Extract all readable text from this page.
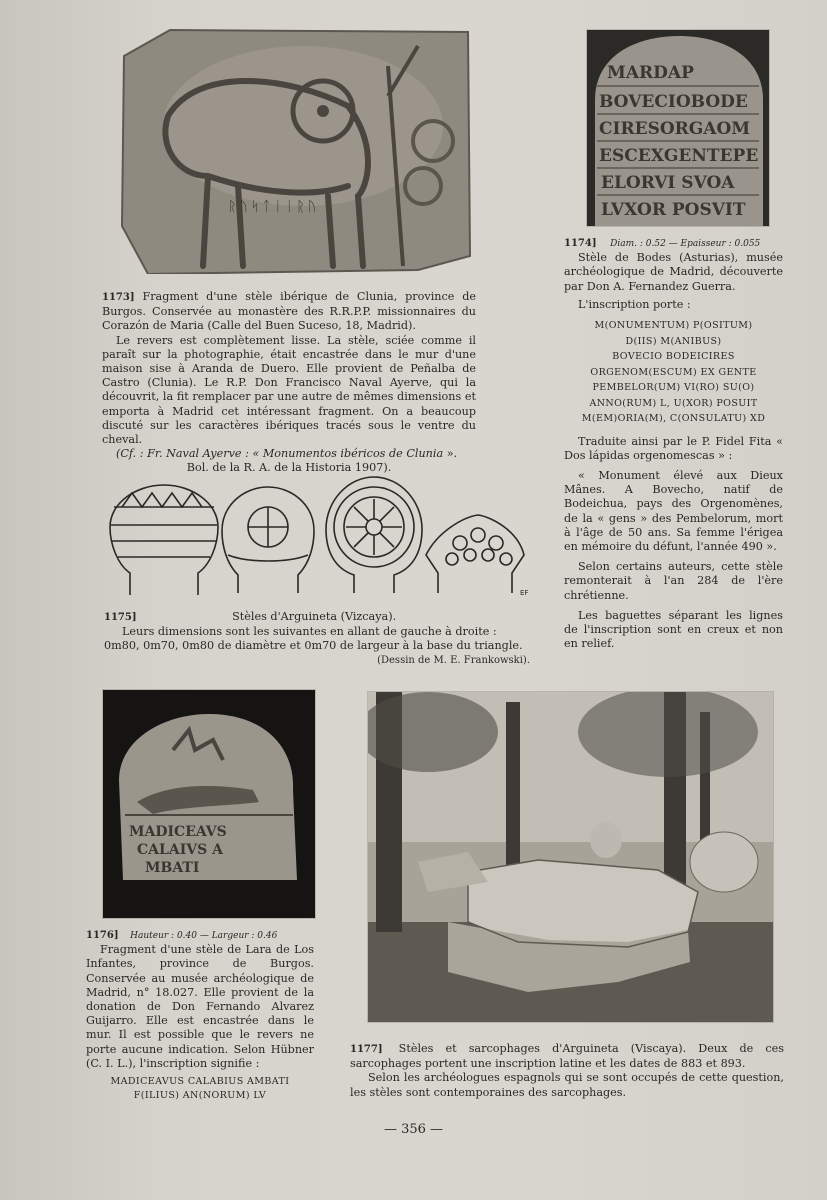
ᚱᚢᛋᛏᛁᛁᚱᚢ

1173] Fragment d'une stèle ibérique de Clunia, province de Burgos. Conservée au monastère des R.R.P.P. missionnaires du Corazón de Maria (Calle del Buen Suceso, 18, Madrid).

Le revers est complètement lisse. La stèle, sciée comme il paraît sur la photographie, était encastrée dans le mur d'une maison sise à Aranda de Duero. Elle provient de Peñalba de Castro (Clunia). Le R.P. Don Francisco Naval Ayerve, qui la découvrit, la fit remplacer par une autre de mêmes dimensions et emporta à Madrid cet intéressant fragment. On a beaucoup discuté sur les caractères ibériques tracés sous le ventre du cheval.

(Cf. : Fr. Naval Ayerve : « Monumentos ibéricos de Clunia ».

Bol. de la R. A. de la Historia 1907).

MARDAP
BOVECIOBODE
CIRESORGAOM
ESCEXGENTEPE
ELORVI SVOA
LVXOR POSVIT

1174] Diam. : 0.52 — Epaisseur : 0.055

Stèle de Bodes (Asturias), musée archéologique de Madrid, découverte par Don A. Fernandez Guerra.

L'inscription porte :

M(ONUMENTUM) P(OSITUM)
D(IIS) M(ANIBUS)
BOVECIO BODEICIRES
ORGENOM(ESCUM) EX GENTE
PEMBELOR(UM) VI(RO) SU(O)
ANNO(RUM) L, U(XOR) POSUIT
M(EM)ORIA(M), C(ONSULATU) XD

Traduite ainsi par le P. Fidel Fita « Dos lápidas orgenomescas » :

« Monument élevé aux Dieux Mânes. A Bovecho, natif de Bodeichua, pays des Orgenomènes, de la « gens » des Pembelorum, mort à l'âge de 50 ans. Sa femme l'érigea en mémoire du défunt, l'année 490 ».

Selon certains auteurs, cette stèle remonterait à l'an 284 de l'ère chrétienne.

Les baguettes séparant les lignes de l'inscription sont en creux et non en relief.

EF

1175]	Stèles d'Arguineta (Vizcaya).

Leurs dimensions sont les suivantes en allant de gauche à droite :

0m80, 0m70, 0m80 de diamètre et 0m70 de largeur à la base du triangle.

(Dessin de M. E. Frankowski).

MADICEAVS
CALAIVS A
MBATI

1176] Hauteur : 0.40 — Largeur : 0.46

Fragment d'une stèle de Lara de Los Infantes, province de Burgos. Conservée au musée archéologique de Madrid, n° 18.027. Elle provient de la donation de Don Fernando Alvarez Guijarro. Elle est encastrée dans le mur. Il est possible que le revers ne porte aucune indication. Selon Hübner (C. I. L.), l'inscription signifie :

MADICEAVUS CALABIUS AMBATI
F(ILIUS) AN(NORUM) LV

1177] Stèles et sarcophages d'Arguineta (Viscaya). Deux de ces sarcophages portent une inscription latine et les dates de 883 et 893.

Selon les archéologues espagnols qui se sont occupés de cette question, les stèles sont contemporaines des sarcophages.

— 356 —
